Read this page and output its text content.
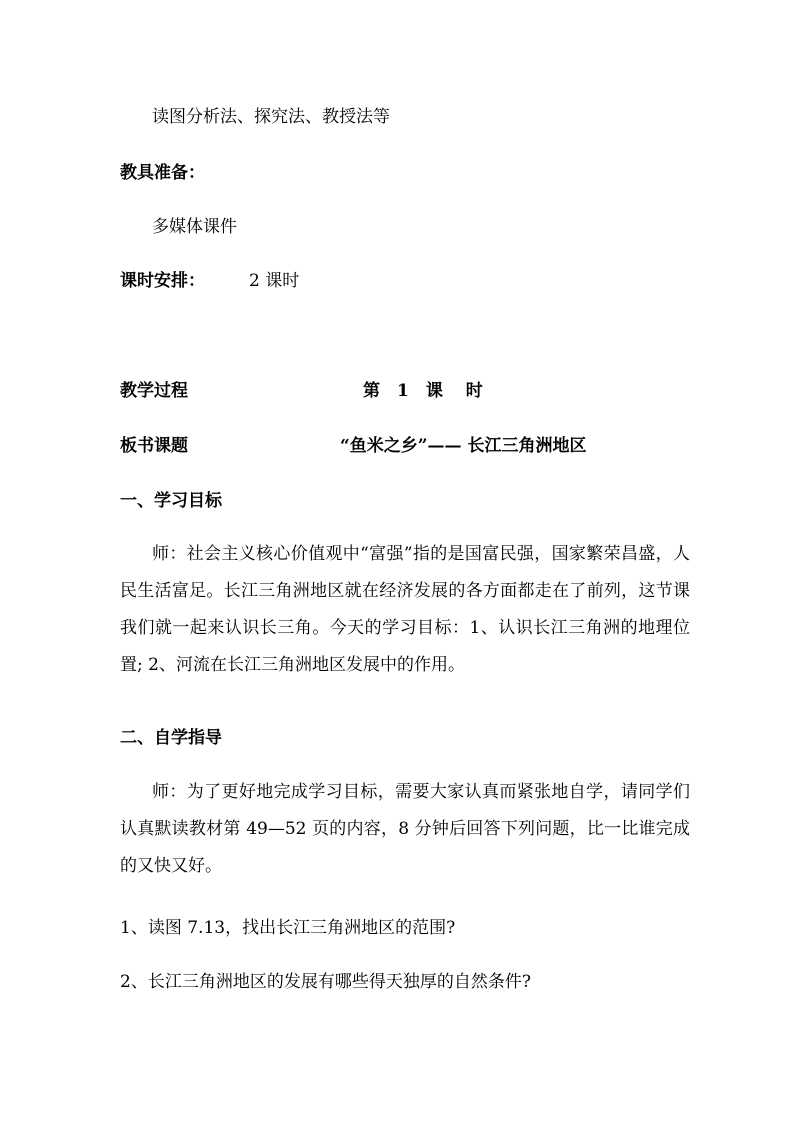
读图分析法、探究法、教授法等
教具准备：
多媒体课件
课时安排：	2 课时
教学过程	第　1　课　 时
板书课题	“鱼米之乡”—— 长江三角洲地区
一、学习目标
师：社会主义核心价值观中“富强”指的是国富民强，国家繁荣昌盛，人民生活富足。长江三角洲地区就在经济发展的各方面都走在了前列，这节课我们就一起来认识长三角。今天的学习目标：1、认识长江三角洲的地理位置; 2、河流在长江三角洲地区发展中的作用。
二、自学指导
师：为了更好地完成学习目标，需要大家认真而紧张地自学，请同学们认真默读教材第 49—52 页的内容，8 分钟后回答下列问题，比一比谁完成的又快又好。
1、读图 7.13，找出长江三角洲地区的范围?
2、长江三角洲地区的发展有哪些得天独厚的自然条件?
